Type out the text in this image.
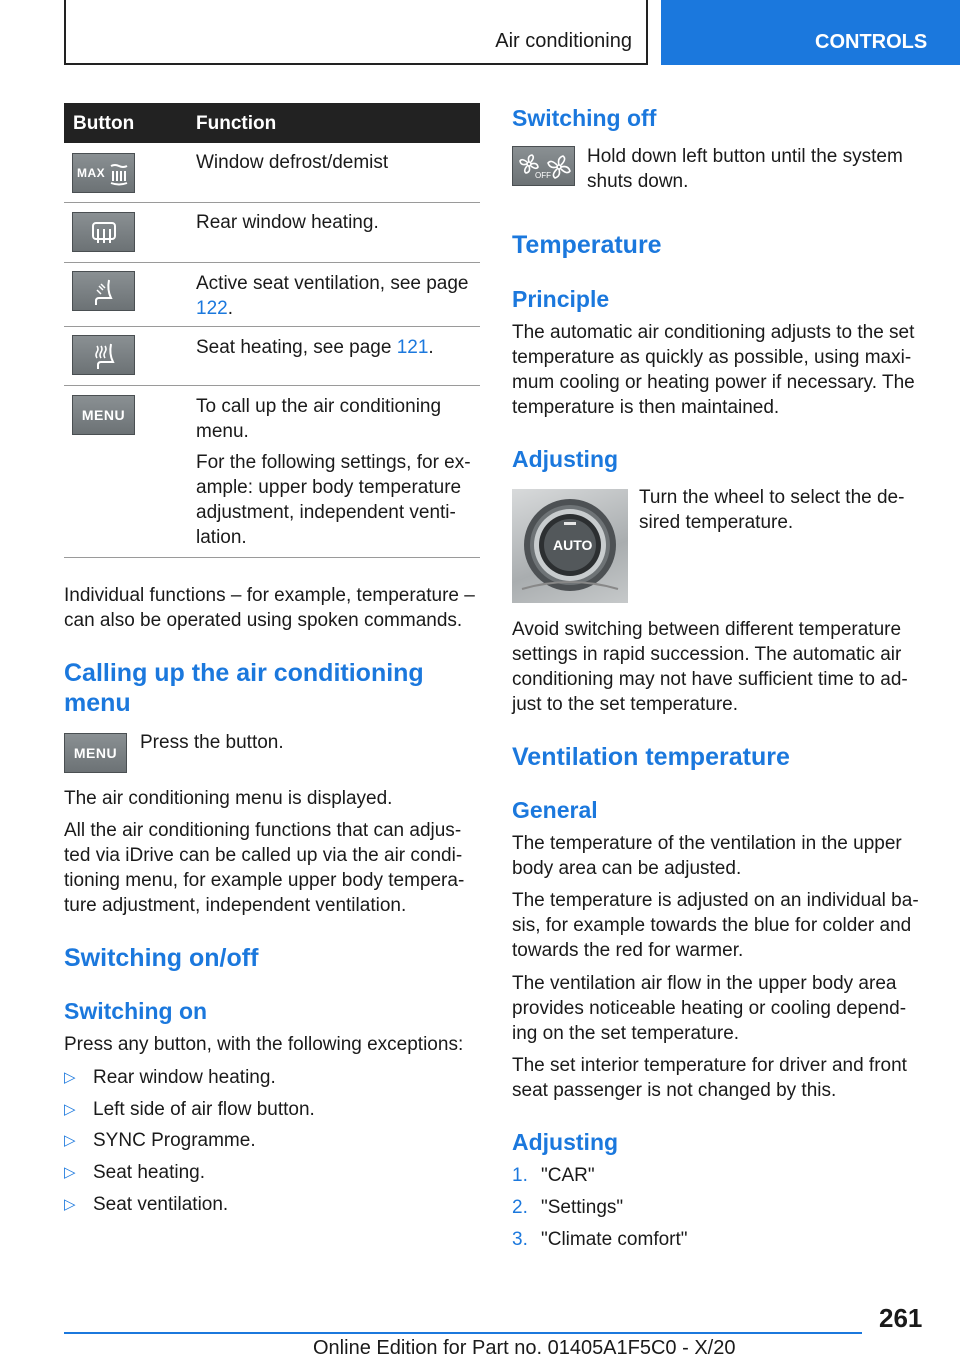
Air conditioning	CONTROLS
Button	Function
MAX	Window defrost/demist
Rear window heating.
Active seat ventilation, see page 122.
Seat heating, see page 121.
MENU	To call up the air conditioning menu.

For the following settings, for example: upper body temperature adjustment, independent ventilation.

Individual functions – for example, temperature – can also be operated using spoken commands.

Calling up the air conditioning menu
MENU	Press the button.

The air conditioning menu is displayed.

All the air conditioning functions that can adjusted via iDrive can be called up via the air conditioning menu, for example upper body temperature adjustment, independent ventilation.

Switching on/off
Switching on

Press any button, with the following exceptions:

▷ Rear window heating.
▷ Left side of air flow button.
▷ SYNC Programme.
▷ Seat heating.
▷ Seat ventilation.
Switching off
OFF

Hold down left button until the system shuts down.

Temperature
Principle

The automatic air conditioning adjusts to the set temperature as quickly as possible, using maximum cooling or heating power if necessary. The temperature is then maintained.

Adjusting
AUTO

Turn the wheel to select the desired temperature.

Avoid switching between different temperature settings in rapid succession. The automatic air conditioning may not have sufficient time to adjust to the set temperature.

Ventilation temperature
General

The temperature of the ventilation in the upper body area can be adjusted.

The temperature is adjusted on an individual basis, for example towards the blue for colder and towards the red for warmer.

The ventilation air flow in the upper body area provides noticeable heating or cooling depending on the set temperature.

The set interior temperature for driver and front seat passenger is not changed by this.

Adjusting
1. "CAR"
2. "Settings"
3. "Climate comfort"
261
Online Edition for Part no. 01405A1F5C0 - X/20
